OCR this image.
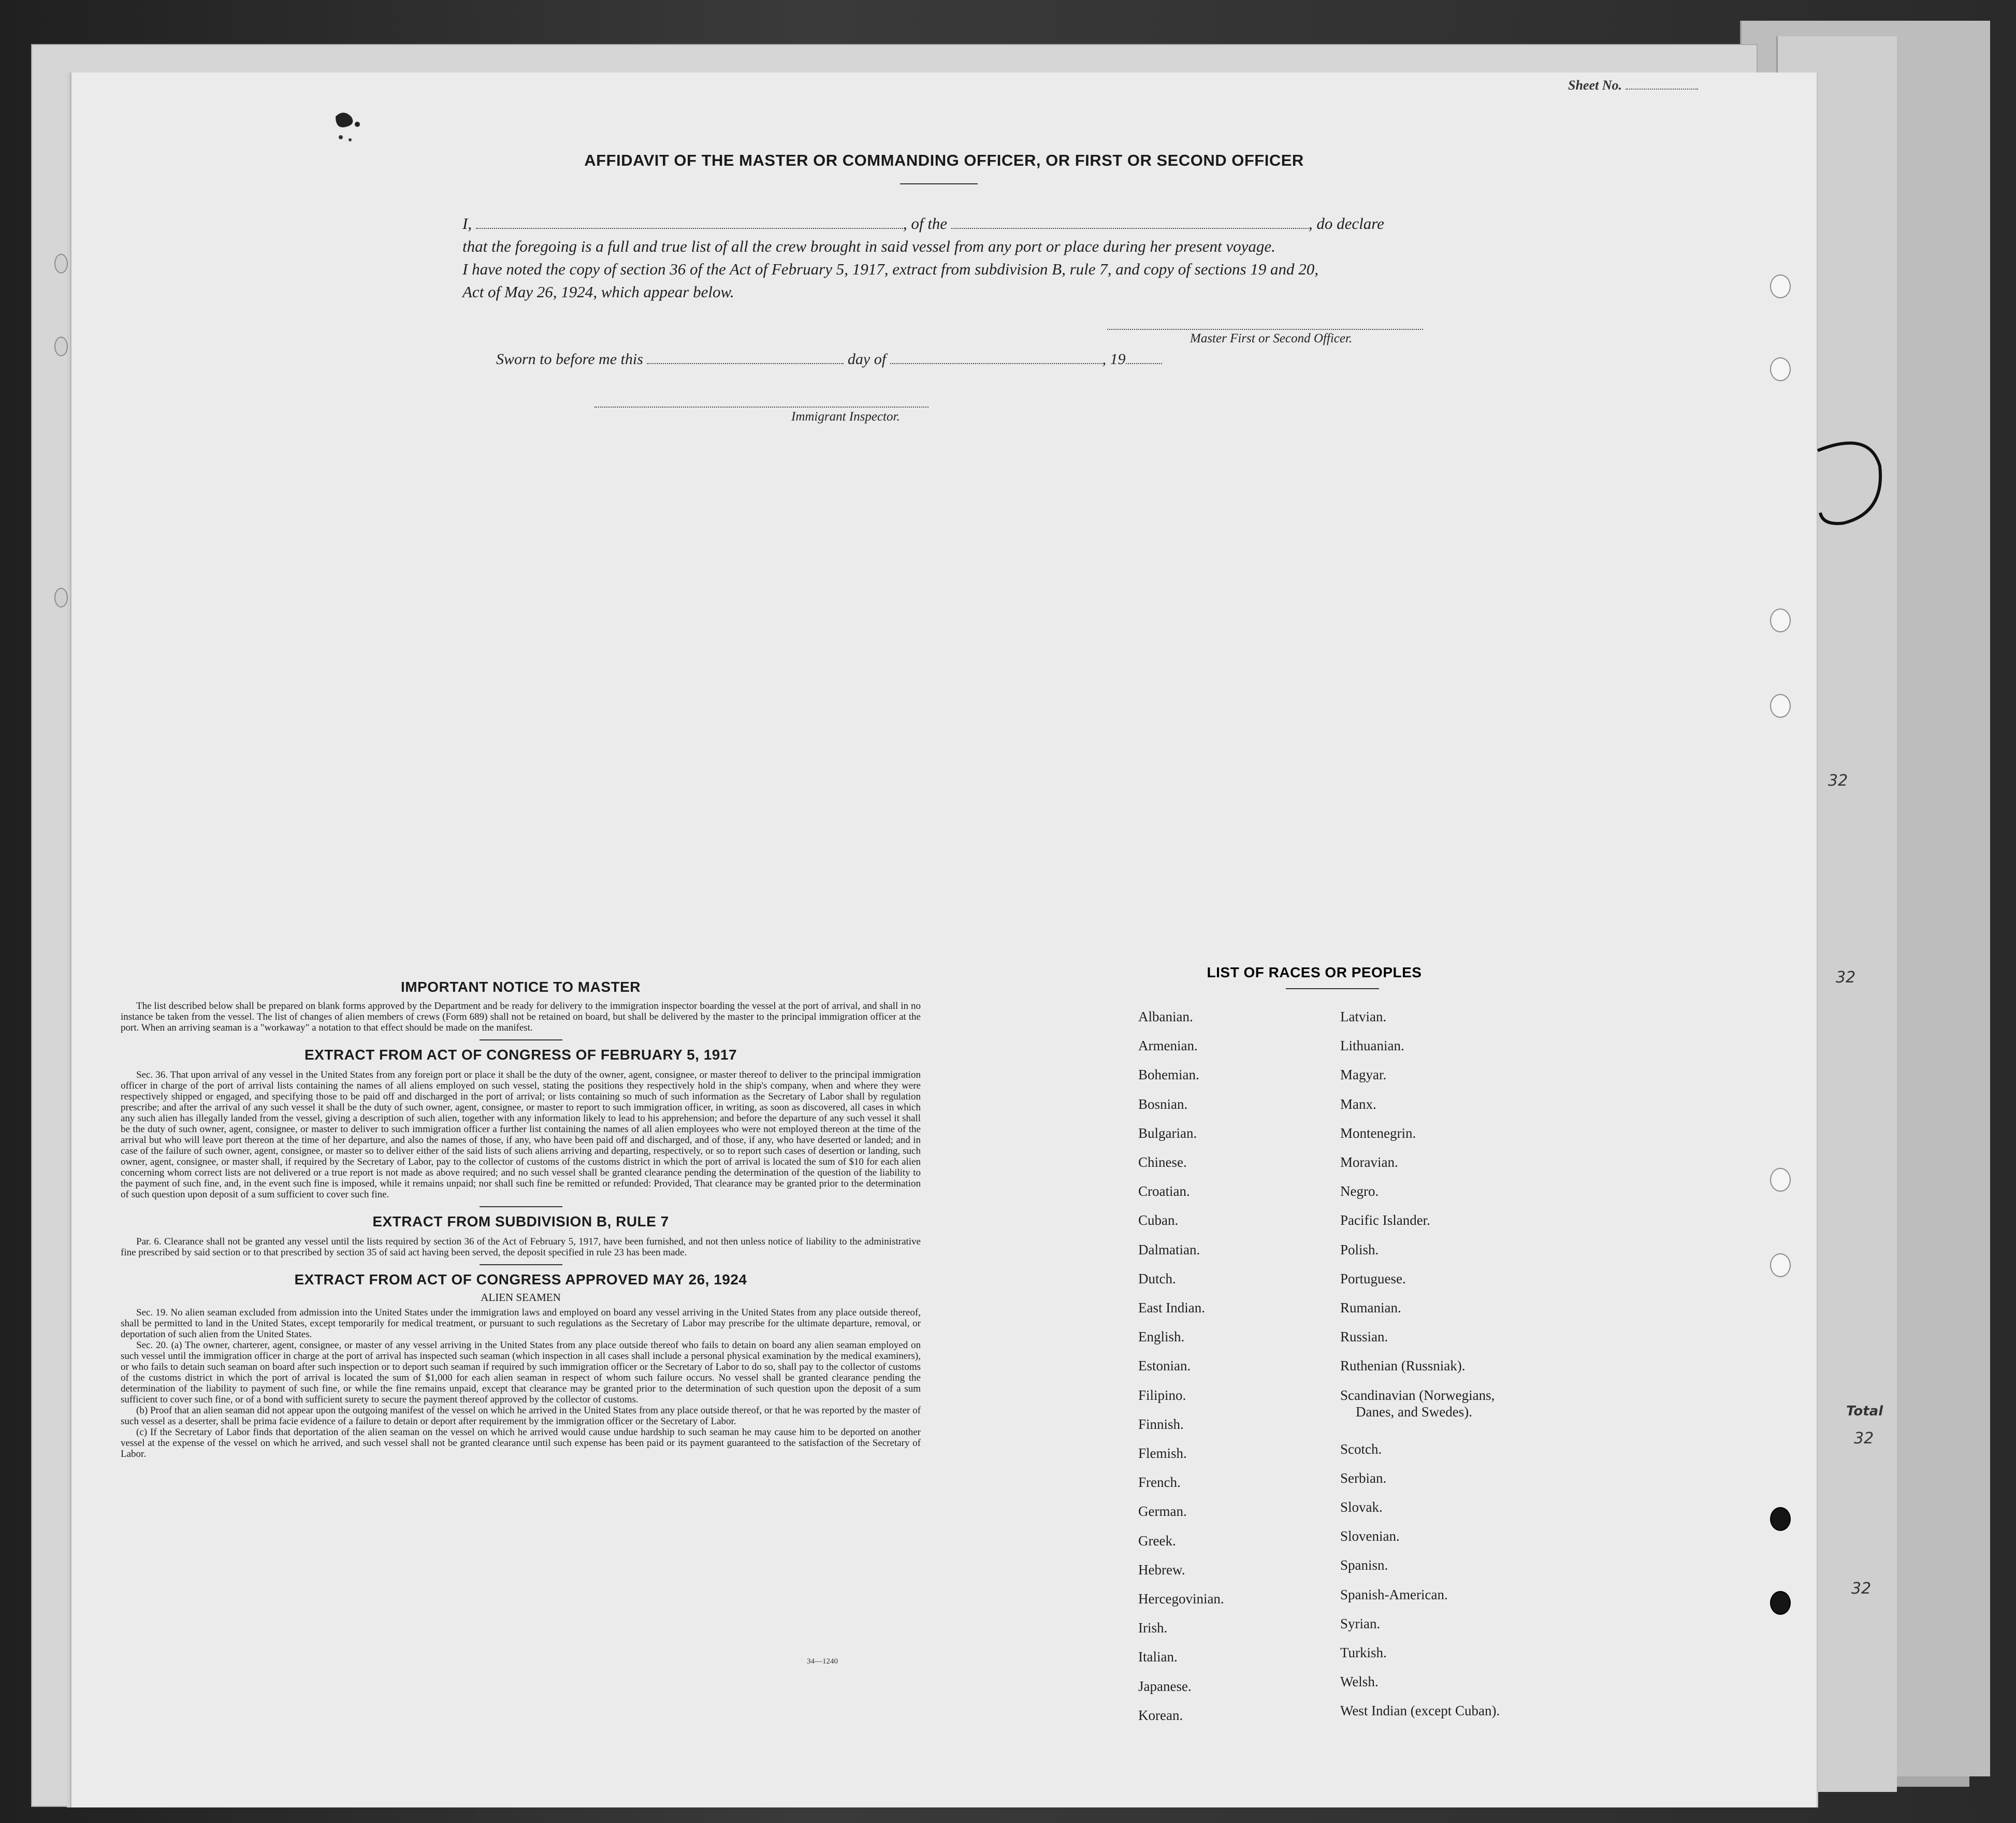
32
32
Total
32
32
Sheet No.
AFFIDAVIT OF THE MASTER OR COMMANDING OFFICER, OR FIRST OR SECOND OFFICER
I,	, of the	, do declare
that the foregoing is a full and true list of all the crew brought in said vessel from any port or place during her present voyage.
I have noted the copy of section 36 of the Act of February 5, 1917, extract from subdivision B, rule 7, and copy of sections 19 and 20,
Act of May 26, 1924, which appear below.
Master First or Second Officer.
Sworn to before me this	day of	, 19
Immigrant Inspector.
IMPORTANT NOTICE TO MASTER

The list described below shall be prepared on blank forms approved by the Department and be ready for delivery to the immigration inspector boarding the vessel at the port of arrival, and shall in no instance be taken from the vessel. The list of changes of alien members of crews (Form 689) shall not be retained on board, but shall be delivered by the master to the principal immigration officer at the port. When an arriving seaman is a "workaway" a notation to that effect should be made on the manifest.

EXTRACT FROM ACT OF CONGRESS OF FEBRUARY 5, 1917

Sec. 36. That upon arrival of any vessel in the United States from any foreign port or place it shall be the duty of the owner, agent, consignee, or master thereof to deliver to the principal immigration officer in charge of the port of arrival lists containing the names of all aliens employed on such vessel, stating the positions they respectively hold in the ship's company, when and where they were respectively shipped or engaged, and specifying those to be paid off and discharged in the port of arrival; or lists containing so much of such information as the Secretary of Labor shall by regulation prescribe; and after the arrival of any such vessel it shall be the duty of such owner, agent, consignee, or master to report to such immigration officer, in writing, as soon as discovered, all cases in which any such alien has illegally landed from the vessel, giving a description of such alien, together with any information likely to lead to his apprehension; and before the departure of any such vessel it shall be the duty of such owner, agent, consignee, or master to deliver to such immigration officer a further list containing the names of all alien employees who were not employed thereon at the time of the arrival but who will leave port thereon at the time of her departure, and also the names of those, if any, who have been paid off and discharged, and of those, if any, who have deserted or landed; and in case of the failure of such owner, agent, consignee, or master so to deliver either of the said lists of such aliens arriving and departing, respectively, or so to report such cases of desertion or landing, such owner, agent, consignee, or master shall, if required by the Secretary of Labor, pay to the collector of customs of the customs district in which the port of arrival is located the sum of $10 for each alien concerning whom correct lists are not delivered or a true report is not made as above required; and no such vessel shall be granted clearance pending the determination of the question of the liability to the payment of such fine, and, in the event such fine is imposed, while it remains unpaid; nor shall such fine be remitted or refunded: Provided, That clearance may be granted prior to the determination of such question upon deposit of a sum sufficient to cover such fine.

EXTRACT FROM SUBDIVISION B, RULE 7

Par. 6. Clearance shall not be granted any vessel until the lists required by section 36 of the Act of February 5, 1917, have been furnished, and not then unless notice of liability to the administrative fine prescribed by said section or to that prescribed by section 35 of said act having been served, the deposit specified in rule 23 has been made.

EXTRACT FROM ACT OF CONGRESS APPROVED MAY 26, 1924
ALIEN SEAMEN

Sec. 19. No alien seaman excluded from admission into the United States under the immigration laws and employed on board any vessel arriving in the United States from any place outside thereof, shall be permitted to land in the United States, except temporarily for medical treatment, or pursuant to such regulations as the Secretary of Labor may prescribe for the ultimate departure, removal, or deportation of such alien from the United States.

Sec. 20. (a) The owner, charterer, agent, consignee, or master of any vessel arriving in the United States from any place outside thereof who fails to detain on board any alien seaman employed on such vessel until the immigration officer in charge at the port of arrival has inspected such seaman (which inspection in all cases shall include a personal physical examination by the medical examiners), or who fails to detain such seaman on board after such inspection or to deport such seaman if required by such immigration officer or the Secretary of Labor to do so, shall pay to the collector of customs of the customs district in which the port of arrival is located the sum of $1,000 for each alien seaman in respect of whom such failure occurs. No vessel shall be granted clearance pending the determination of the liability to payment of such fine, or while the fine remains unpaid, except that clearance may be granted prior to the determination of such question upon the deposit of a sum sufficient to cover such fine, or of a bond with sufficient surety to secure the payment thereof approved by the collector of customs.

(b) Proof that an alien seaman did not appear upon the outgoing manifest of the vessel on which he arrived in the United States from any place outside thereof, or that he was reported by the master of such vessel as a deserter, shall be prima facie evidence of a failure to detain or deport after requirement by the immigration officer or the Secretary of Labor.

(c) If the Secretary of Labor finds that deportation of the alien seaman on the vessel on which he arrived would cause undue hardship to such seaman he may cause him to be deported on another vessel at the expense of the vessel on which he arrived, and such vessel shall not be granted clearance until such expense has been paid or its payment guaranteed to the satisfaction of the Secretary of Labor.

34—1240
LIST OF RACES OR PEOPLES
Albanian.
Armenian.
Bohemian.
Bosnian.
Bulgarian.
Chinese.
Croatian.
Cuban.
Dalmatian.
Dutch.
East Indian.
English.
Estonian.
Filipino.
Finnish.
Flemish.
French.
German.
Greek.
Hebrew.
Hercegovinian.
Irish.
Italian.
Japanese.
Korean.
Latvian.
Lithuanian.
Magyar.
Manx.
Montenegrin.
Moravian.
Negro.
Pacific Islander.
Polish.
Portuguese.
Rumanian.
Russian.
Ruthenian (Russniak).
Scandinavian (Norwegians,
Danes, and Swedes).
Scotch.
Serbian.
Slovak.
Slovenian.
Spanisn.
Spanish-American.
Syrian.
Turkish.
Welsh.
West Indian (except Cuban).
